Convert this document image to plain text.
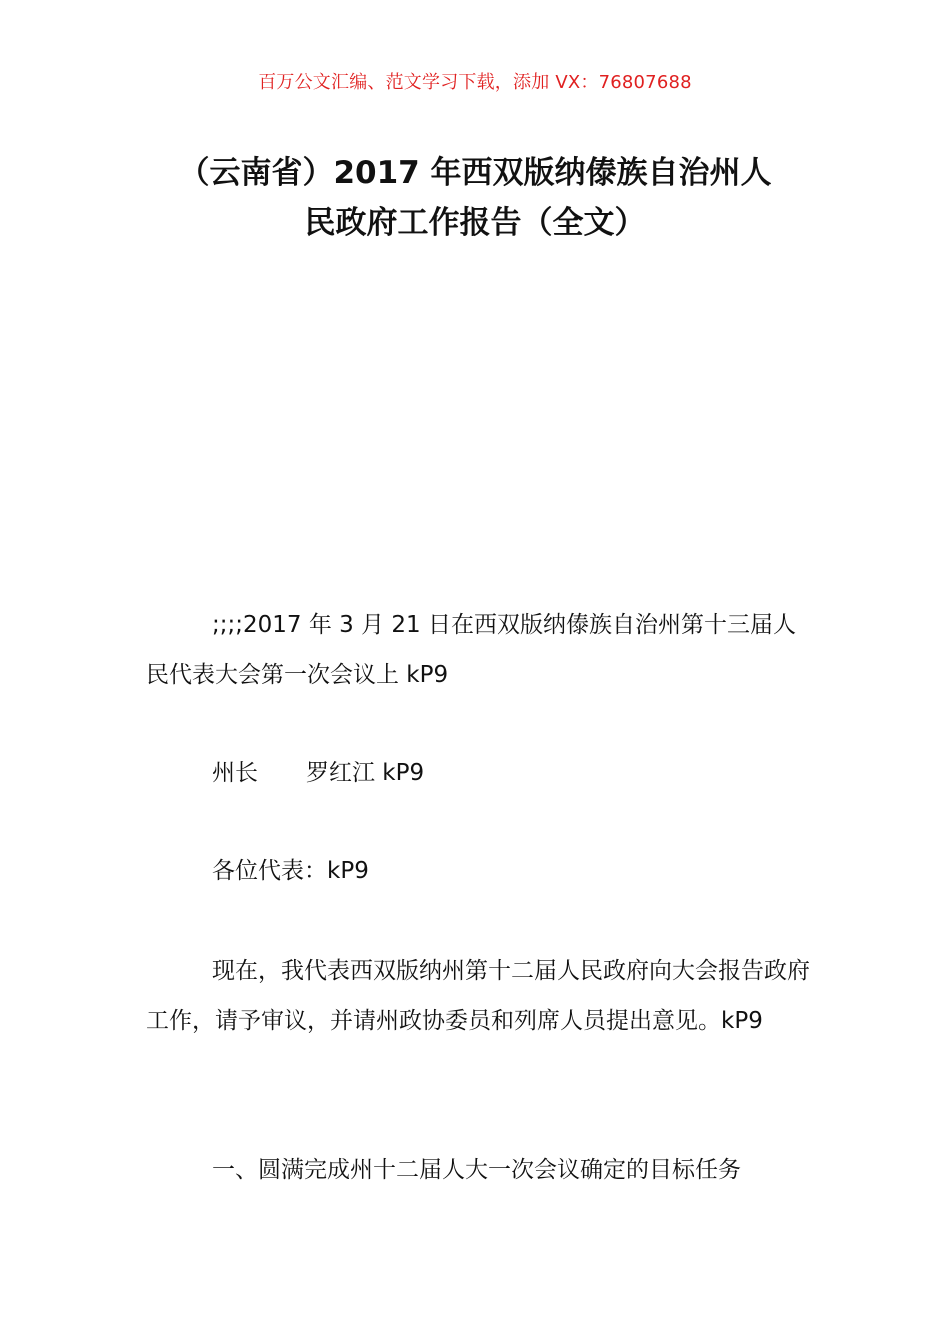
百万公文汇编、范文学习下载，添加 VX：76807688
（云南省）2017 年西双版纳傣族自治州人
民政府工作报告（全文）
;;;;2017 年 3 月 21 日在西双版纳傣族自治州第十三届人民代表大会第一次会议上 kP9
州长 罗红江 kP9
各位代表：kP9
现在，我代表西双版纳州第十二届人民政府向大会报告政府工作，请予审议，并请州政协委员和列席人员提出意见。kP9
一、圆满完成州十二届人大一次会议确定的目标任务
